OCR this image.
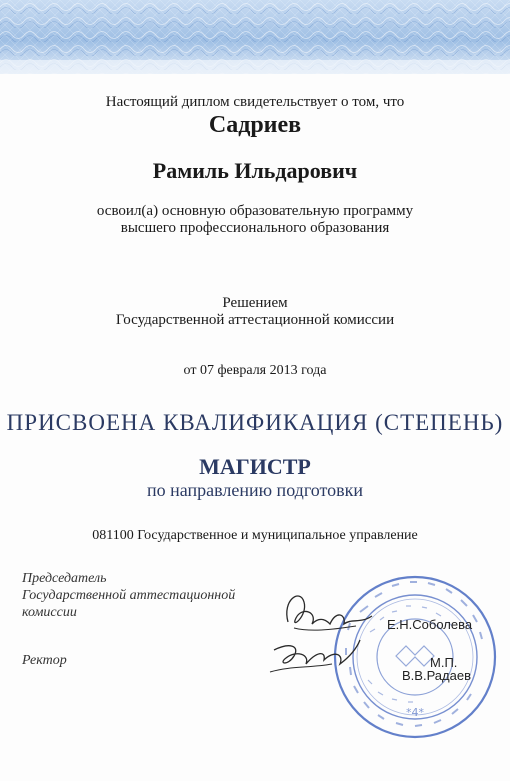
Настоящий диплом свидетельствует о том, что
Садриев
Рамиль Ильдарович
освоил(а) основную образовательную программу
высшего профессионального образования
Решением
Государственной аттестационной комиссии
от 07 февраля 2013 года
ПРИСВОЕНА КВАЛИФИКАЦИЯ (СТЕПЕНЬ)
МАГИСТР
по направлению подготовки
081100 Государственное и муниципальное управление
Председатель
Государственной аттестационной
комиссии
Ректор
*4*
Е.Н.Соболева
М.П.
В.В.Радаев
